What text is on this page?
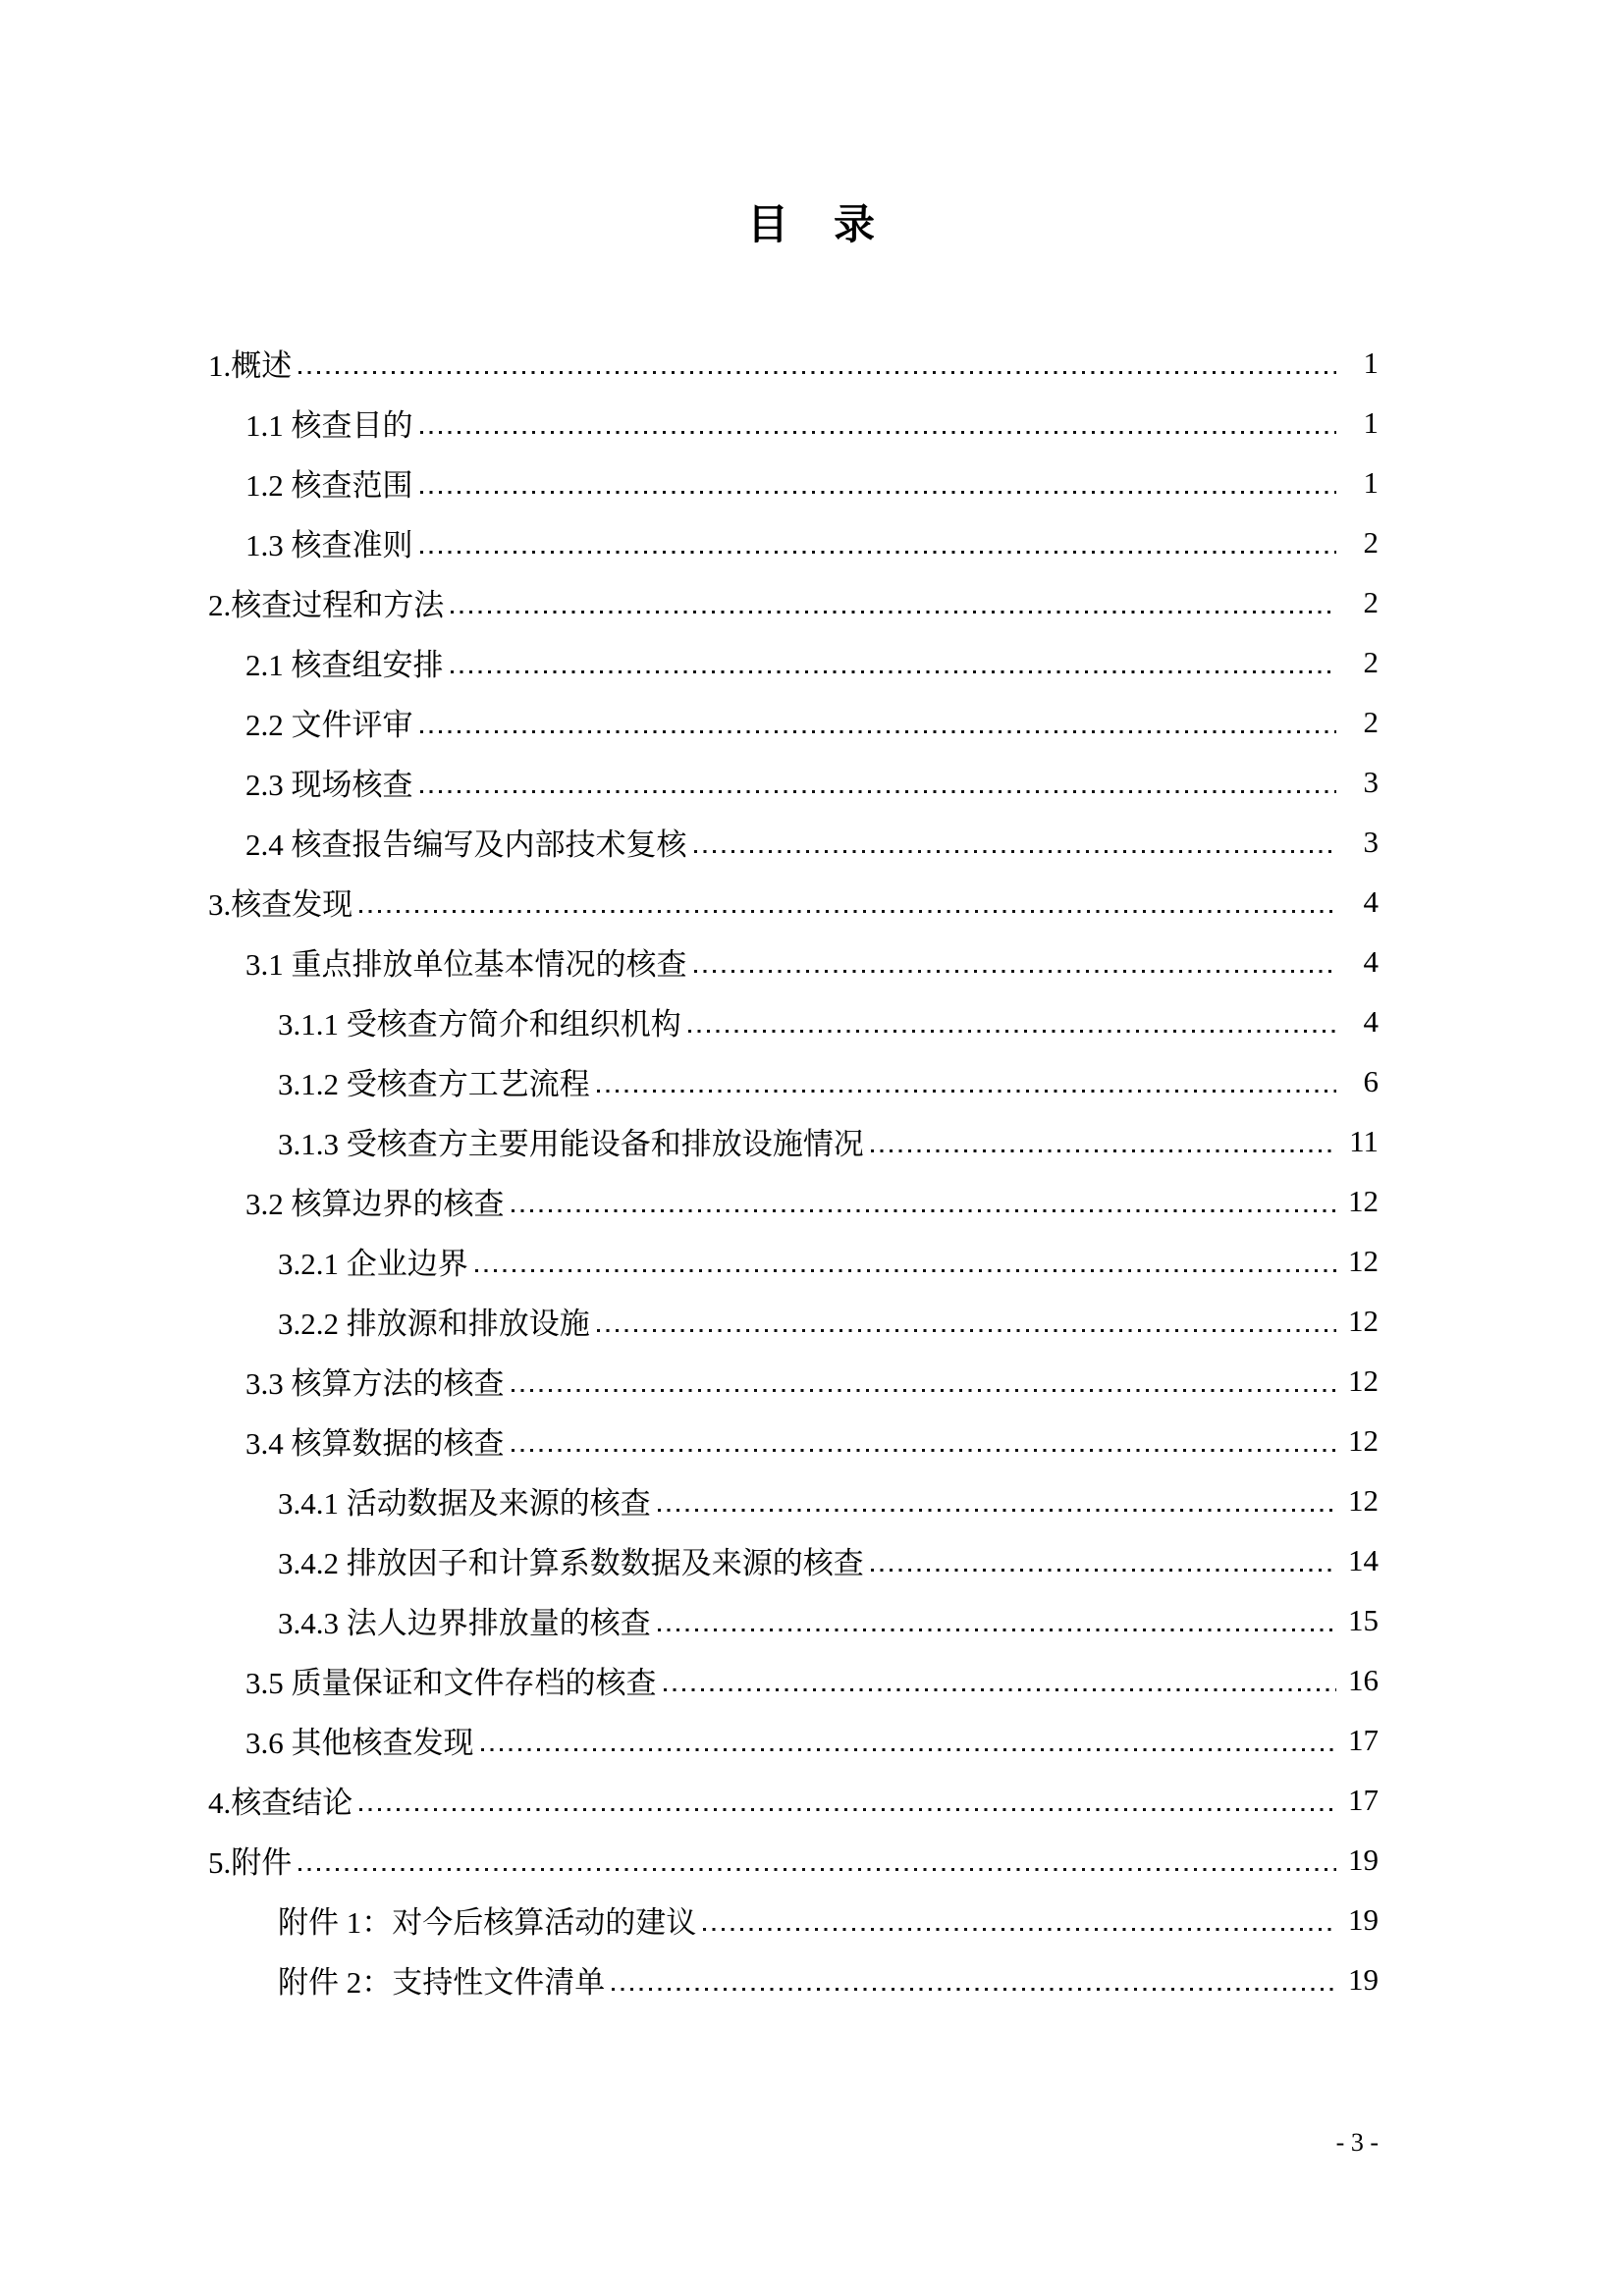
目　录
1.概述	1
1.1 核查目的	1
1.2 核查范围	1
1.3 核查准则	2
2.核查过程和方法	2
2.1 核查组安排	2
2.2 文件评审	2
2.3 现场核查	3
2.4 核查报告编写及内部技术复核	3
3.核查发现	4
3.1 重点排放单位基本情况的核查	4
3.1.1 受核查方简介和组织机构	4
3.1.2 受核查方工艺流程	6
3.1.3 受核查方主要用能设备和排放设施情况	11
3.2 核算边界的核查	12
3.2.1 企业边界	12
3.2.2 排放源和排放设施	12
3.3 核算方法的核查	12
3.4 核算数据的核查	12
3.4.1 活动数据及来源的核查	12
3.4.2 排放因子和计算系数数据及来源的核查	14
3.4.3 法人边界排放量的核查	15
3.5 质量保证和文件存档的核查	16
3.6 其他核查发现	17
4.核查结论	17
5.附件	19
附件 1：对今后核算活动的建议	19
附件 2：支持性文件清单	19
- 3 -
